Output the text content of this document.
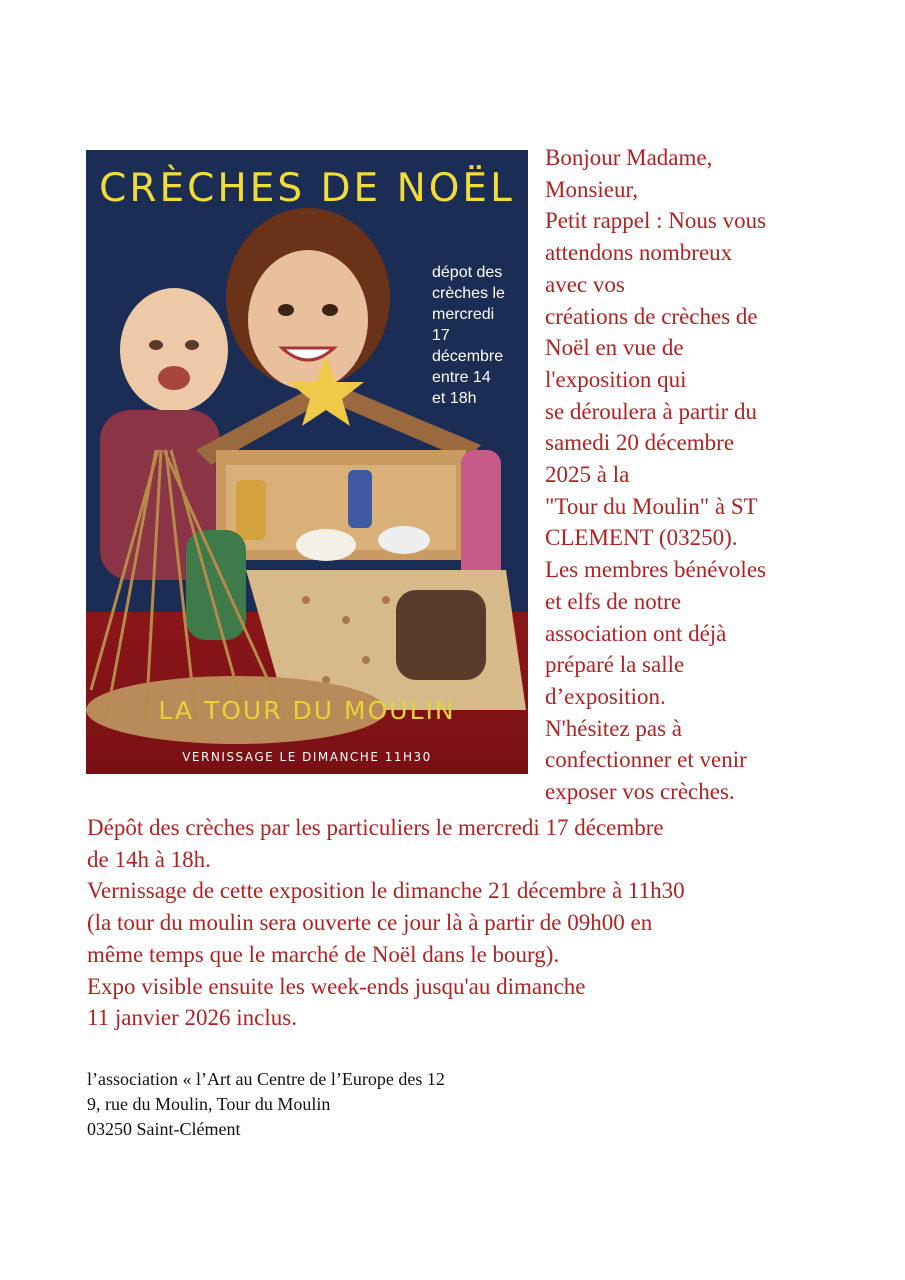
CRÈCHES DE NOËL
dépot des
crèches le
mercredi
17
décembre
entre 14
et 18h
LA TOUR DU MOULIN
VERNISSAGE LE DIMANCHE 11H30

Bonjour Madame,
Monsieur,
Petit rappel : Nous vous
attendons nombreux
avec vos
créations de crèches de
Noël en vue de
l'exposition qui
se déroulera à partir du
samedi 20 décembre
2025 à la
"Tour du Moulin" à ST
CLEMENT (03250).
Les membres bénévoles
et elfs de notre
association ont déjà
préparé la salle
d’exposition.
N'hésitez pas à
confectionner et venir
exposer vos crèches.

Dépôt des crèches par les particuliers le mercredi 17 décembre
de 14h à 18h.
Vernissage de cette exposition le dimanche 21 décembre à 11h30
(la tour du moulin sera ouverte ce jour là à partir de 09h00 en
même temps que le marché de Noël dans le bourg).
Expo visible ensuite les week-ends jusqu'au dimanche
11 janvier 2026 inclus.

l’association « l’Art au Centre de l’Europe des 12
9, rue du Moulin, Tour du Moulin
03250 Saint-Clément
